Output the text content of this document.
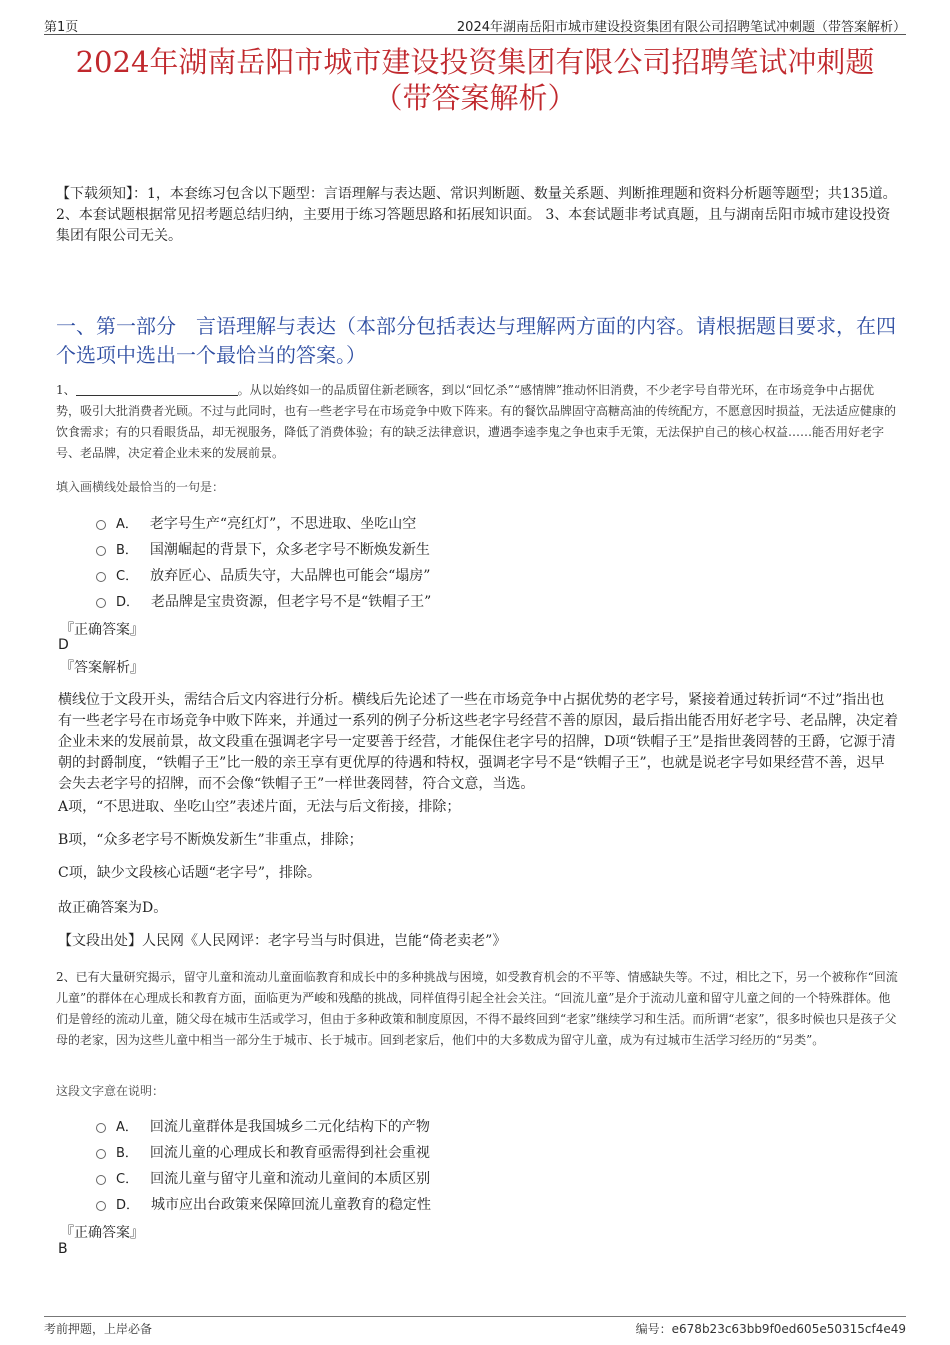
第1页	2024年湖南岳阳市城市建设投资集团有限公司招聘笔试冲刺题（带答案解析）
2024年湖南岳阳市城市建设投资集团有限公司招聘笔试冲刺题
（带答案解析）
【下载须知】：1，本套练习包含以下题型：言语理解与表达题、常识判断题、数量关系题、判断推理题和资料分析题等题型；共135道。 2、本套试题根据常见招考题总结归纳，主要用于练习答题思路和拓展知识面。 3、本套试题非考试真题，且与湖南岳阳市城市建设投资集团有限公司无关。
一、第一部分　言语理解与表达（本部分包括表达与理解两方面的内容。请根据题目要求，在四个选项中选出一个最恰当的答案。）
1、	。从以始终如一的品质留住新老顾客，到以“回忆杀”“感情牌”推动怀旧消费，不少老字号自带光环，在市场竞争中占据优势，吸引大批消费者光顾。不过与此同时，也有一些老字号在市场竞争中败下阵来。有的餐饮品牌固守高糖高油的传统配方，不愿意因时损益，无法适应健康的饮食需求；有的只看眼货品，却无视服务，降低了消费体验；有的缺乏法律意识，遭遇李逵李鬼之争也束手无策，无法保护自己的核心权益……能否用好老字号、老品牌，决定着企业未来的发展前景。
填入画横线处最恰当的一句是：
A． 老字号生产“亮红灯”，不思进取、坐吃山空
B． 国潮崛起的背景下，众多老字号不断焕发新生
C． 放弃匠心、品质失守，大品牌也可能会“塌房”
D． 老品牌是宝贵资源，但老字号不是“铁帽子王”
『正确答案』
D
『答案解析』
横线位于文段开头，需结合后文内容进行分析。横线后先论述了一些在市场竞争中占据优势的老字号，紧接着通过转折词“不过”指出也有一些老字号在市场竞争中败下阵来，并通过一系列的例子分析这些老字号经营不善的原因，最后指出能否用好老字号、老品牌，决定着企业未来的发展前景，故文段重在强调老字号一定要善于经营，才能保住老字号的招牌，D项“铁帽子王”是指世袭罔替的王爵，它源于清朝的封爵制度，“铁帽子王”比一般的亲王享有更优厚的待遇和特权，强调老字号不是“铁帽子王”，也就是说老字号如果经营不善，迟早会失去老字号的招牌，而不会像“铁帽子王”一样世袭罔替，符合文意，当选。
A项，“不思进取、坐吃山空”表述片面，无法与后文衔接，排除；
B项，“众多老字号不断焕发新生”非重点，排除；
C项，缺少文段核心话题“老字号”，排除。
故正确答案为D。
【文段出处】人民网《人民网评：老字号当与时俱进，岂能“倚老卖老”》
2、已有大量研究揭示，留守儿童和流动儿童面临教育和成长中的多种挑战与困境，如受教育机会的不平等、情感缺失等。不过，相比之下，另一个被称作“回流儿童”的群体在心理成长和教育方面，面临更为严峻和残酷的挑战，同样值得引起全社会关注。“回流儿童”是介于流动儿童和留守儿童之间的一个特殊群体。他们是曾经的流动儿童，随父母在城市生活或学习，但由于多种政策和制度原因，不得不最终回到“老家”继续学习和生活。而所谓“老家”，很多时候也只是孩子父母的老家，因为这些儿童中相当一部分生于城市、长于城市。回到老家后，他们中的大多数成为留守儿童，成为有过城市生活学习经历的“另类”。
这段文字意在说明：
A． 回流儿童群体是我国城乡二元化结构下的产物
B． 回流儿童的心理成长和教育亟需得到社会重视
C． 回流儿童与留守儿童和流动儿童间的本质区别
D． 城市应出台政策来保障回流儿童教育的稳定性
『正确答案』
B
考前押题，上岸必备	编号：e678b23c63bb9f0ed605e50315cf4e49
